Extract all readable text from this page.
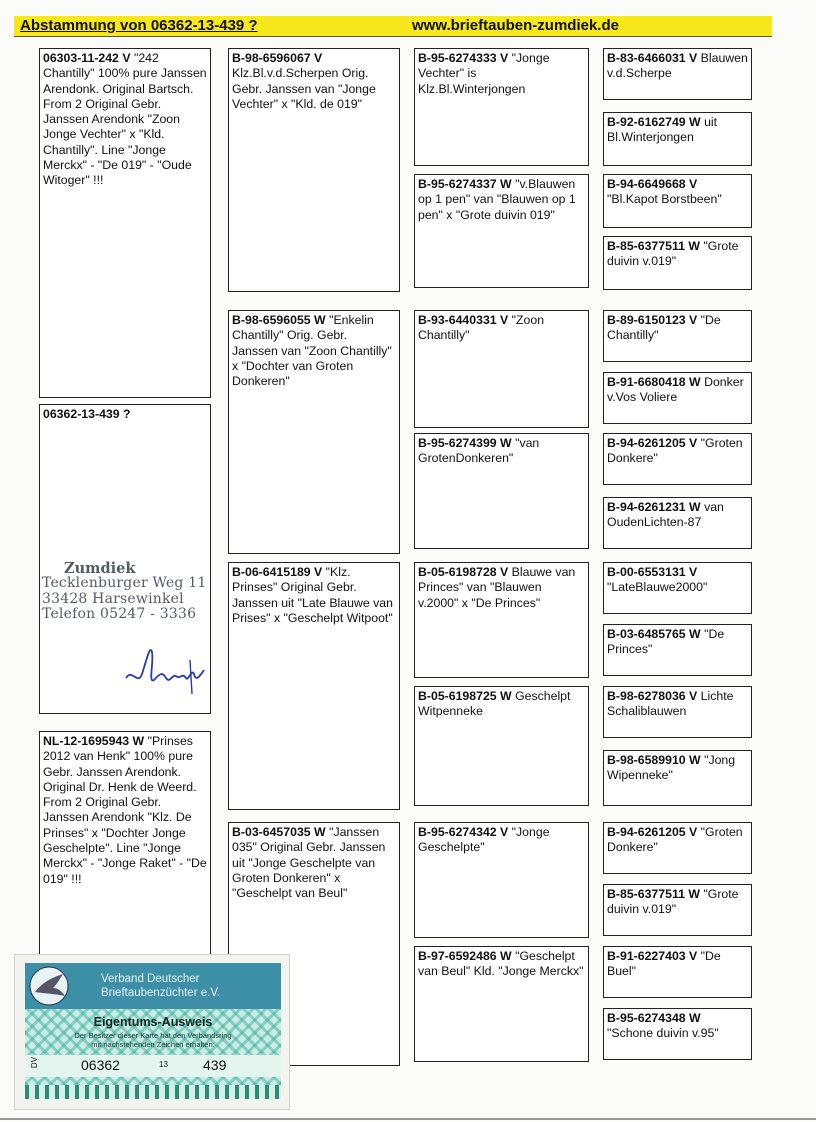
Abstammung von 06362-13-439 ?	www.brieftauben-zumdiek.de
06303-11-242 V "242 Chantilly" 100% pure Janssen Arendonk. Original Bartsch. From 2 Original Gebr. Janssen Arendonk "Zoon Jonge Vechter" x "Kld. Chantilly". Line "Jonge Merckx" - "De 019" - "Oude Witoger" !!!
06362-13-439 ?
NL-12-1695943 W "Prinses 2012 van Henk" 100% pure Gebr. Janssen Arendonk. Original Dr. Henk de Weerd. From 2 Original Gebr. Janssen Arendonk "Klz. De Prinses" x "Dochter Jonge Geschelpte". Line "Jonge Merckx" - "Jonge Raket" - "De 019" !!!
Zumdiek
Tecklenburger Weg 11
33428 Harsewinkel
Telefon 05247 - 3336
B-98-6596067 V Klz.Bl.v.d.Scherpen Orig. Gebr. Janssen van "Jonge Vechter" x "Kld. de 019"
B-98-6596055 W "Enkelin Chantilly" Orig. Gebr. Janssen van "Zoon Chantilly" x "Dochter van Groten Donkeren"
B-06-6415189 V "Klz. Prinses" Original Gebr. Janssen uit "Late Blauwe van Prises" x "Geschelpt Witpoot"
B-03-6457035 W "Janssen 035" Original Gebr. Janssen uit "Jonge Geschelpte van Groten Donkeren" x "Geschelpt van Beul"
B-95-6274333 V "Jonge Vechter" is Klz.Bl.Winterjongen
B-95-6274337 W "v.Blauwen op 1 pen" van "Blauwen op 1 pen" x "Grote duivin 019"
B-93-6440331 V "Zoon Chantilly"
B-95-6274399 W "van GrotenDonkeren"
B-05-6198728 V Blauwe van Princes" van "Blauwen v.2000" x "De Princes"
B-05-6198725 W Geschelpt Witpenneke
B-95-6274342 V "Jonge Geschelpte"
B-97-6592486 W "Geschelpt van Beul" Kld. "Jonge Merckx"
B-83-6466031 V Blauwen v.d.Scherpe
B-92-6162749 W uit Bl.Winterjongen
B-94-6649668 V "Bl.Kapot Borstbeen"
B-85-6377511 W "Grote duivin v.019"
B-89-6150123 V "De Chantilly"
B-91-6680418 W Donker v.Vos Voliere
B-94-6261205 V "Groten Donkere"
B-94-6261231 W van OudenLichten-87
B-00-6553131 V "LateBlauwe2000"
B-03-6485765 W "De Princes"
B-98-6278036 V Lichte Schaliblauwen
B-98-6589910 W "Jong Wipenneke"
B-94-6261205 V "Groten Donkere"
B-85-6377511 W "Grote duivin v.019"
B-91-6227403 V "De Buel"
B-95-6274348 W "Schone duivin v.95"
Verband Deutscher
Brieftaubenzüchter e.V.
Eigentums-Ausweis
Der Besitzer dieser Karte hat den Verbandsring
mit nachstehenden Zeichen erhalten:
DV	06362	13	439
